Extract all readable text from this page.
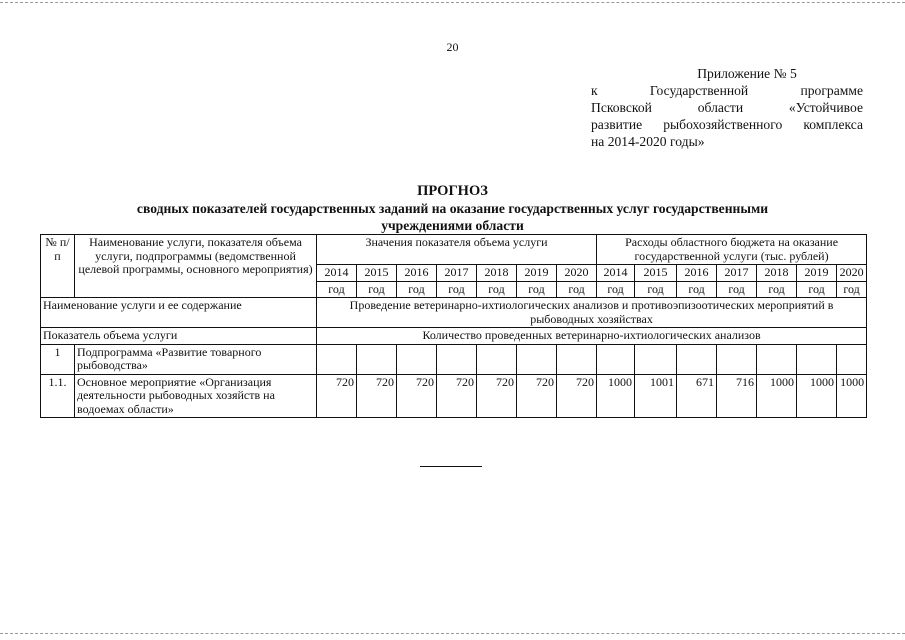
20
Приложение № 5
к Государственной программе
Псковской области «Устойчивое
развитие рыбохозяйственного комплекса
на 2014-2020 годы»
ПРОГНОЗ
сводных показателей государственных заданий на оказание государственных услуг государственными
учреждениями области
№ п/п	Наименование услуги, показателя объема услуги, подпрограммы (ведомственной целевой программы, основного мероприятия)	Значения показателя объема услуги							Расходы областного бюджета на оказание государственной услуги (тыс. рублей)						
		2014	2015	2016	2017	2018	2019	2020	2014	2015	2016	2017	2018	2019	2020
		год	год	год	год	год	год	год	год	год	год	год	год	год	год
Наименование услуги и ее содержание		Проведение ветеринарно-ихтиологических анализов и противоэпизоотических мероприятий в рыбоводных хозяйствах													
Показатель объема услуги		Количество проведенных ветеринарно-ихтиологических анализов													
1	Подпрограмма «Развитие товарного рыбоводства»														
1.1.	Основное мероприятие «Организация деятельности рыбоводных хозяйств на водоемах области»	720	720	720	720	720	720	720	1000	1001	671	716	1000	1000	1000
